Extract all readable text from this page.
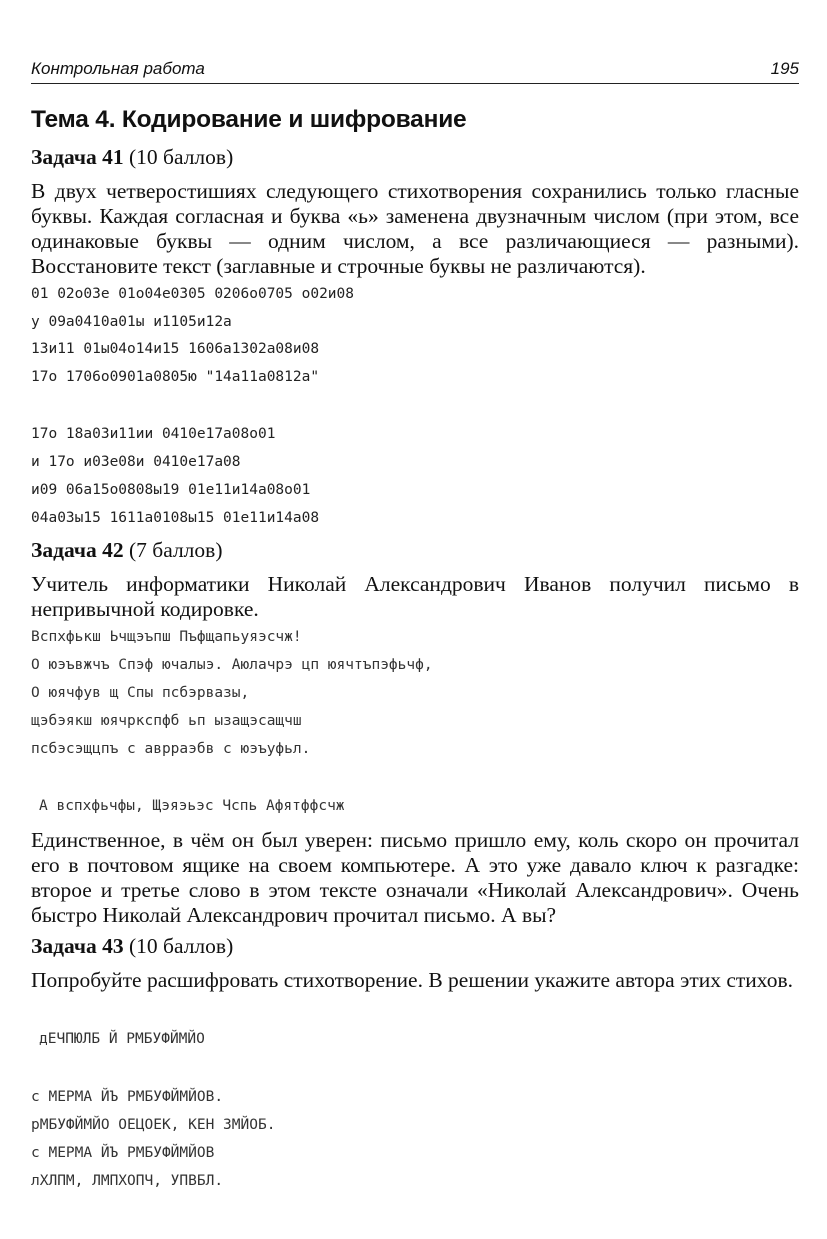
Контрольная работа	195
Тема 4. Кодирование и шифрование
Задача 41 (10 баллов)
В двух четверостишиях следующего стихотворения сохранились только гласные буквы. Каждая согласная и буква «ь» заменена двузначным числом (при этом, все одинаковые буквы — одним числом, а все различающиеся — разными). Восстановите текст (заглавные и строчные буквы не различаются).
01 02о03е 01о04е0305 0206о0705 о02и08
у 09а0410а01ы и1105и12а
13и11 01ы04о14и15 1606а1302а08и08
17о 1706о0901а0805ю "14а11а0812а"
17о 18а03и11ии 0410е17а08о01
и 17о и03е08и 0410е17а08
и09 06а15о0808ы19 01е11и14а08о01
04а03ы15 1611а0108ы15 01е11и14а08
Задача 42 (7 баллов)
Учитель информатики Николай Александрович Иванов получил письмо в непривычной кодировке.
Вспхфькш Ьчщэъпш Пъфщапьуяэсчж!
О юэъвжчъ Спэф ючалыэ. Аюлачрэ цп юячтъпэфьчф,
О юячфув щ Спы псбэрвазы,
щэбэякш юячркспфб ьп ызащэсащчш
псбэсэщцпъ с аврраэбв с юэъуфьл.
А вспхфьчфы, Щэяэьэс Чспь Афятффсчж
Единственное, в чём он был уверен: письмо пришло ему, коль скоро он прочитал его в почтовом ящике на своем компьютере. А это уже давало ключ к разгадке: второе и третье слово в этом тексте означали «Николай Александрович». Очень быстро Николай Александрович прочитал письмо. А вы?
Задача 43 (10 баллов)
Попробуйте расшифровать стихотворение. В решении укажите автора этих стихов.
дЕЧПЮЛБ Й РМБУФЙМЙО
с МЕРМА ЙЪ РМБУФЙМЙОВ.
рМБУФЙМЙО ОЕЦОЕК, КЕН ЗМЙОБ.
с МЕРМА ЙЪ РМБУФЙМЙОВ
лХЛПМ, ЛМПХОПЧ, УПВБЛ.
